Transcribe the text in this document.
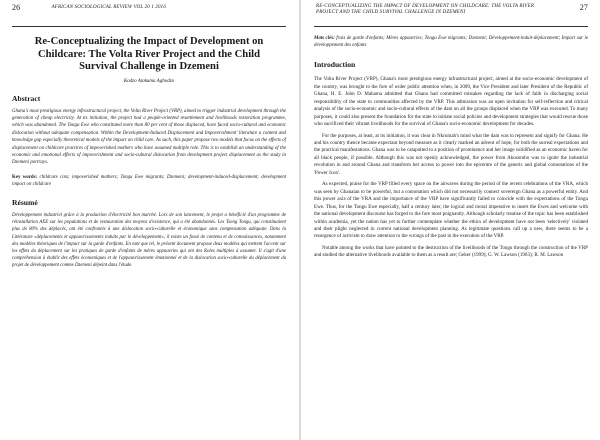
26	AFRICAN SOCIOLOGICAL REVIEW VOL 20 1 2016
Re-Conceptualizing the Impact of Development on Childcare: The Volta River Project and the Child Survival Challenge in Dzemeni
Kodzo Atakuma Agbodzo
Abstract

Ghana's most prestigious energy infrastructural project, the Volta River Project (VRP), aimed to trigger industrial development through the generation of cheap electricity. At its initiation, the project had a people-oriented resettlement and livelihoods restoration programme, which was abandoned. The Tongu Ewe who constituted more than 80 per cent of those displaced, have faced socio-cultural and economic dislocation without adequate compensation. Within the Development-Induced Displacement and Impoverishment' literature a content and knowledge gap especially theoretical models of the impact on child care. As such, this paper propose two models that focus on the effects of displacement on childcare practices of impoverished mothers who have assumed multiple role. This is to establish an understanding of the economic and emotional effects of impoverishment and socio-cultural dislocation from development project displacement as the study in Dzemeni portrays.

Key words: childcare cots; impoverished mothers; Tongu Ewe migrants; Dzemeni; development-induced-displacement; development impact on childcare
Résumé

Développement industriel grâce à la production d'électricité bon marché. Lors de son lancement, le projet a bénéficié d'un programme de réinstallation AXE sur les populations et de restauration des moyens d'existence, qui a été abandonnés. Les Tsong Tongu, qui constituaient plus de 80% des déplacés, ont été confrontés à une dislocation socio-culturelle et économique sans compensation adéquate. Dans la Littérature «déplacements et appauvrissements induits par le développement», il existe un fossé de contenu et de connaissances, notamment des modèles théoriques de l'impact sur la garde d'enfants. En tant que tel, le présent document propose deux modèles qui mettent l'accent sur les effets du déplacement sur les pratiques de garde d'enfants de mères appauvries qui ont des Roles multiples à assumer. Il s'agit d'une compréhension à établir des effets économiques et de l'appauvrissement émotionnel et de la dislocation socio-culturelle du déplacement du projet de développement comme Dzemeni dépeint dans l'étude.

RE-CONCEPTUALIZING THE IMPACT OF DEVELOPMENT ON CHILDCARE: THE VOLTA RIVER PROJECT AND THE CHILD SURVIVAL CHALLENGE IN DZEMENI
27
Mots clés: frais de garde d'enfants; Mères appauvries; Tongu Ewe migrants; Dzemeni; Développement-induit-déplacement; Impact sur le développement des enfants
Introduction

The Volta River Project (VRP), Ghana's most prestigious energy infrastructural project, aimed at the socio-economic development of the country, was brought to the fore of wider public attention when, in 2009, the Vice President and later President of the Republic of Ghana, H. E. John D. Mahama admitted that Ghana had committed mistakes regarding the lack of faith in discharging social responsibility of the state to communities affected by the VRP. This admission was an open invitation for self-reflection and critical analysis of the socio-economic and socio-cultural effects of the dam on all the groups displaced when the VRP was executed. To many purposes, it could also present the foundation for the state to initiate social policies and development strategies that would rescue those who sacrificed their vibrant livelihoods for the survival of Ghana's socio-economic development for decades.

For the purposes, at least, at its initiation, it was clear in Nkrumah's mind what the dam was to represent and signify for Ghana. He and his country thence became expectant beyond measure as it clearly marked an advent of hope, for both the surreal expectations and the practical manifestations. Ghana was to be catapulted to a position of prominence and her image solidified as an economic haven for all black people, if possible. Although this was not openly acknowledged, the power from Akosombo was to ignite the industrial revolution in and around Ghana and transform her access to power into the epicentre of the generic and global connotations of the 'Power Icon'.

As expected, praise for the VRP filled every space on the airwaves during the period of the recent celebrations of the VRA, which was seen by Ghanaian to be powerful, but a connotation which did not necessarily connect sovereign Ghana as a powerful entity. And this power axis of the VRA and the importance of the VRP have significantly failed to coincide with the expectations of the Tongu Ewe. Thus, for the Tongu Ewe especially, half a century later, the logical and moral imperative to insert the Ewes and welcome with the national development discourse has forged to the fore most poignantly. Although scholarly treatise of the topic has been established within academia, yet the nation has yet to further contemplate whether the ethics of development have not been 'selectively' violated and their plight neglected in current national development planning. As legitimate questions call up a new, there seems to be a resurgence of activism to draw attention to the wrongs of the past in the execution of the VRP.

Notable among the works that have pointed to the destruction of the livelihoods of the Tongu through the construction of the VRP and studied the alternative livelihoods available to them as a result are; Geker (1999); G. W. Lawson (1963); R. M. Lawson
